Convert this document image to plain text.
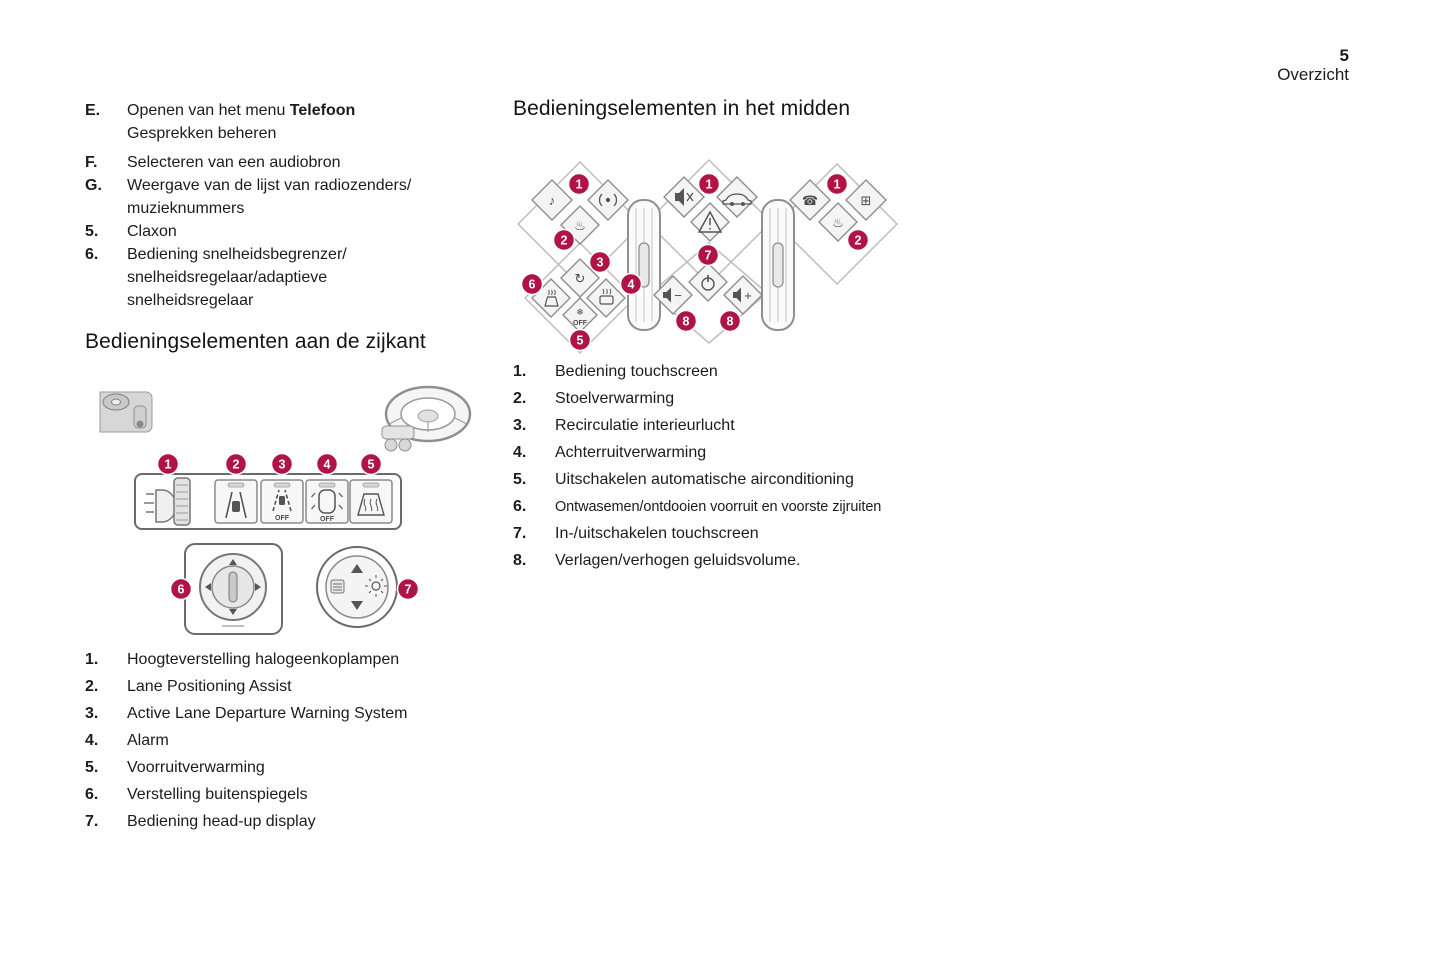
5
Overzicht
E.	Openen van het menu Telefoon
Gesprekken beheren
F.	Selecteren van een audiobron
G.	Weergave van de lijst van radiozenders/
muzieknummers
5.	Claxon
6.	Bediening snelheidsbegrenzer/
snelheidsregelaar/adaptieve
snelheidsregelaar
Bedieningselementen aan de zijkant
OFF	OFF
1	2	3	4	5
6	7
1.	Hoogteverstelling halogeenkoplampen
2.	Lane Positioning Assist
3.	Active Lane Departure Warning System
4.	Alarm
5.	Voorruitverwarming
6.	Verstelling buitenspiegels
7.	Bediening head-up display
Bedieningselementen in het midden
♪
♨
↻
❄
OFF
−	+
☎	⊞
♨
1	1	1
2	2
3
4
5
6
7
8	8
1.	Bediening touchscreen
2.	Stoelverwarming
3.	Recirculatie interieurlucht
4.	Achterruitverwarming
5.	Uitschakelen automatische airconditioning
6.	Ontwasemen/ontdooien voorruit en voorste zijruiten
7.	In-/uitschakelen touchscreen
8.	Verlagen/verhogen geluidsvolume.
